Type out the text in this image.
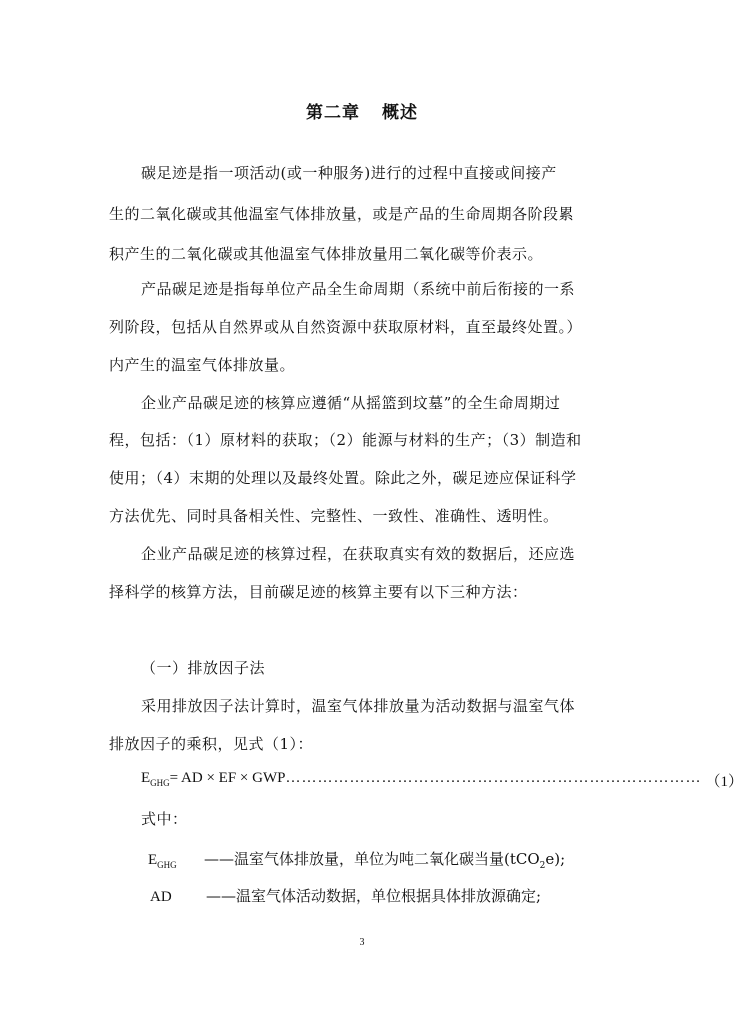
第二章 概述
碳足迹是指一项活动(或一种服务)进行的过程中直接或间接产
生的二氧化碳或其他温室气体排放量，或是产品的生命周期各阶段累
积产生的二氧化碳或其他温室气体排放量用二氧化碳等价表示。
产品碳足迹是指每单位产品全生命周期（系统中前后衔接的一系
列阶段，包括从自然界或从自然资源中获取原材料，直至最终处置。）
内产生的温室气体排放量。
企业产品碳足迹的核算应遵循“从摇篮到坟墓”的全生命周期过
程，包括：（1）原材料的获取；（2）能源与材料的生产；（3）制造和
使用；（4）末期的处理以及最终处置。除此之外，碳足迹应保证科学
方法优先、同时具备相关性、完整性、一致性、准确性、透明性。
企业产品碳足迹的核算过程，在获取真实有效的数据后，还应选
择科学的核算方法，目前碳足迹的核算主要有以下三种方法：
（一）排放因子法
采用排放因子法计算时，温室气体排放量为活动数据与温室气体
排放因子的乘积，见式（1）：
$E_{GHG}$ = AD × EF × GWP …………………………………………………………………… （1）
式中：
$E_{GHG}$ ——温室气体排放量，单位为吨二氧化碳当量(tCO$_2$e);
AD ——温室气体活动数据，单位根据具体排放源确定;
3
